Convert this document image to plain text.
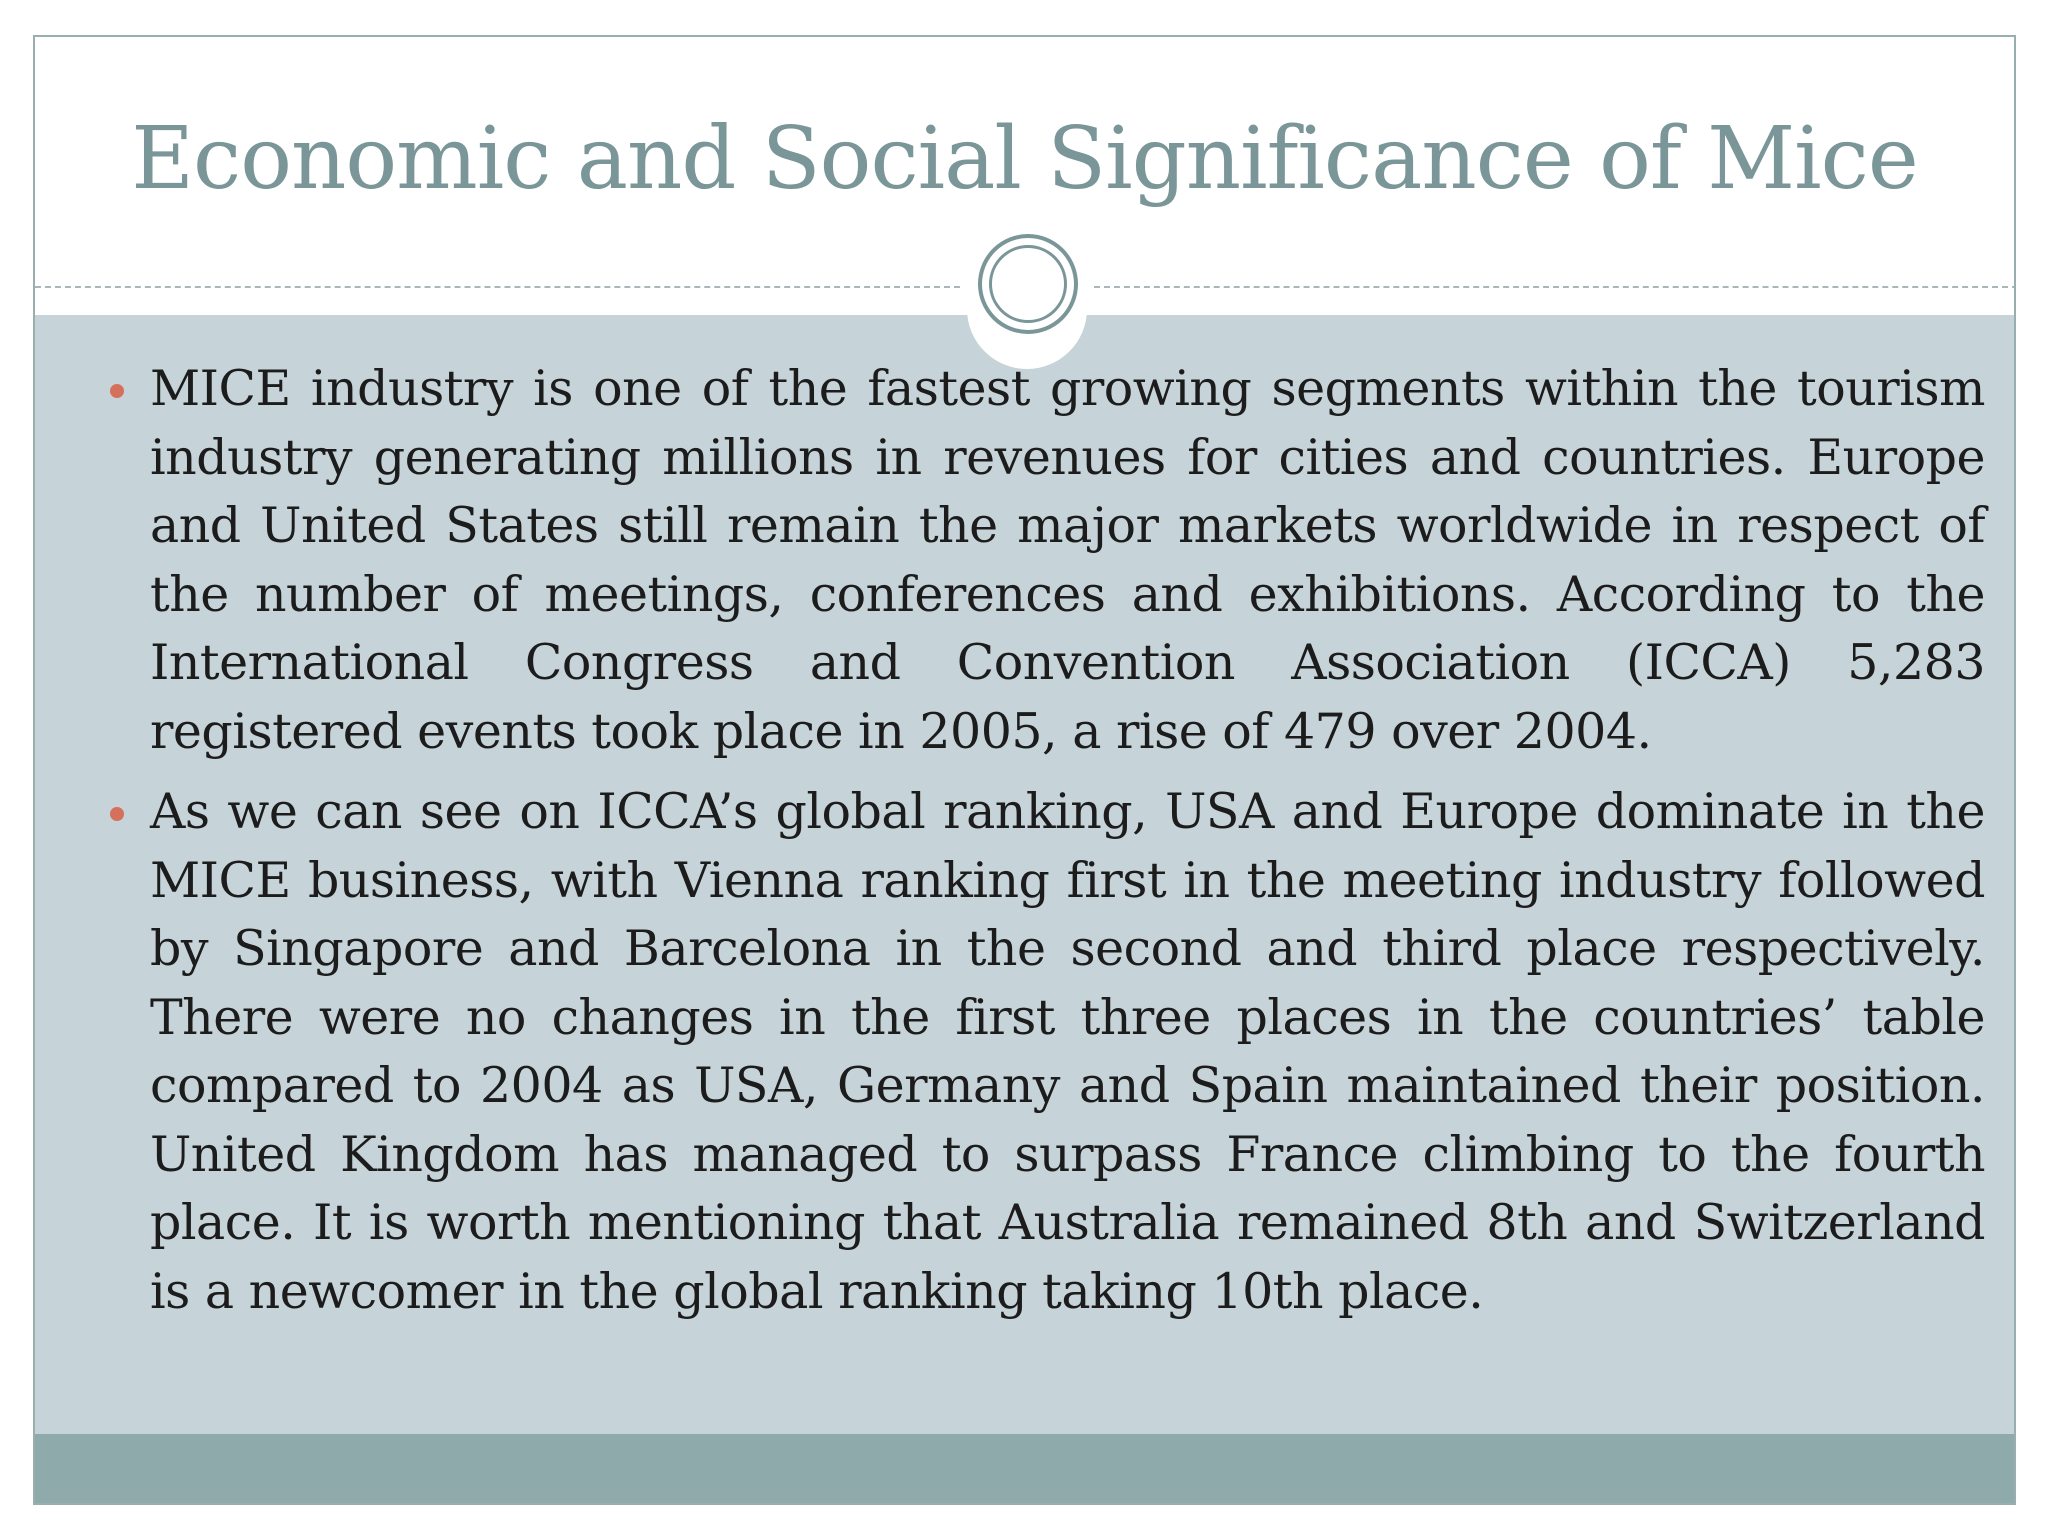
Economic and Social Significance of Mice
MICE industry is one of the fastest growing segments within the tourism industry generating millions in revenues for cities and countries. Europe and United States still remain the major markets worldwide in respect of the number of meetings, conferences and exhibitions. According to the International Congress and Convention Association (ICCA) 5,283 registered events took place in 2005, a rise of 479 over 2004.
As we can see on ICCA’s global ranking, USA and Europe dominate in the MICE business, with Vienna ranking first in the meeting industry followed by Singapore and Barcelona in the second and third place respectively. There were no changes in the first three places in the countries’ table compared to 2004 as USA, Germany and Spain maintained their position. United Kingdom has managed to surpass France climbing to the fourth place. It is worth mentioning that Australia remained 8th and Switzerland is a newcomer in the global ranking taking 10th place.
